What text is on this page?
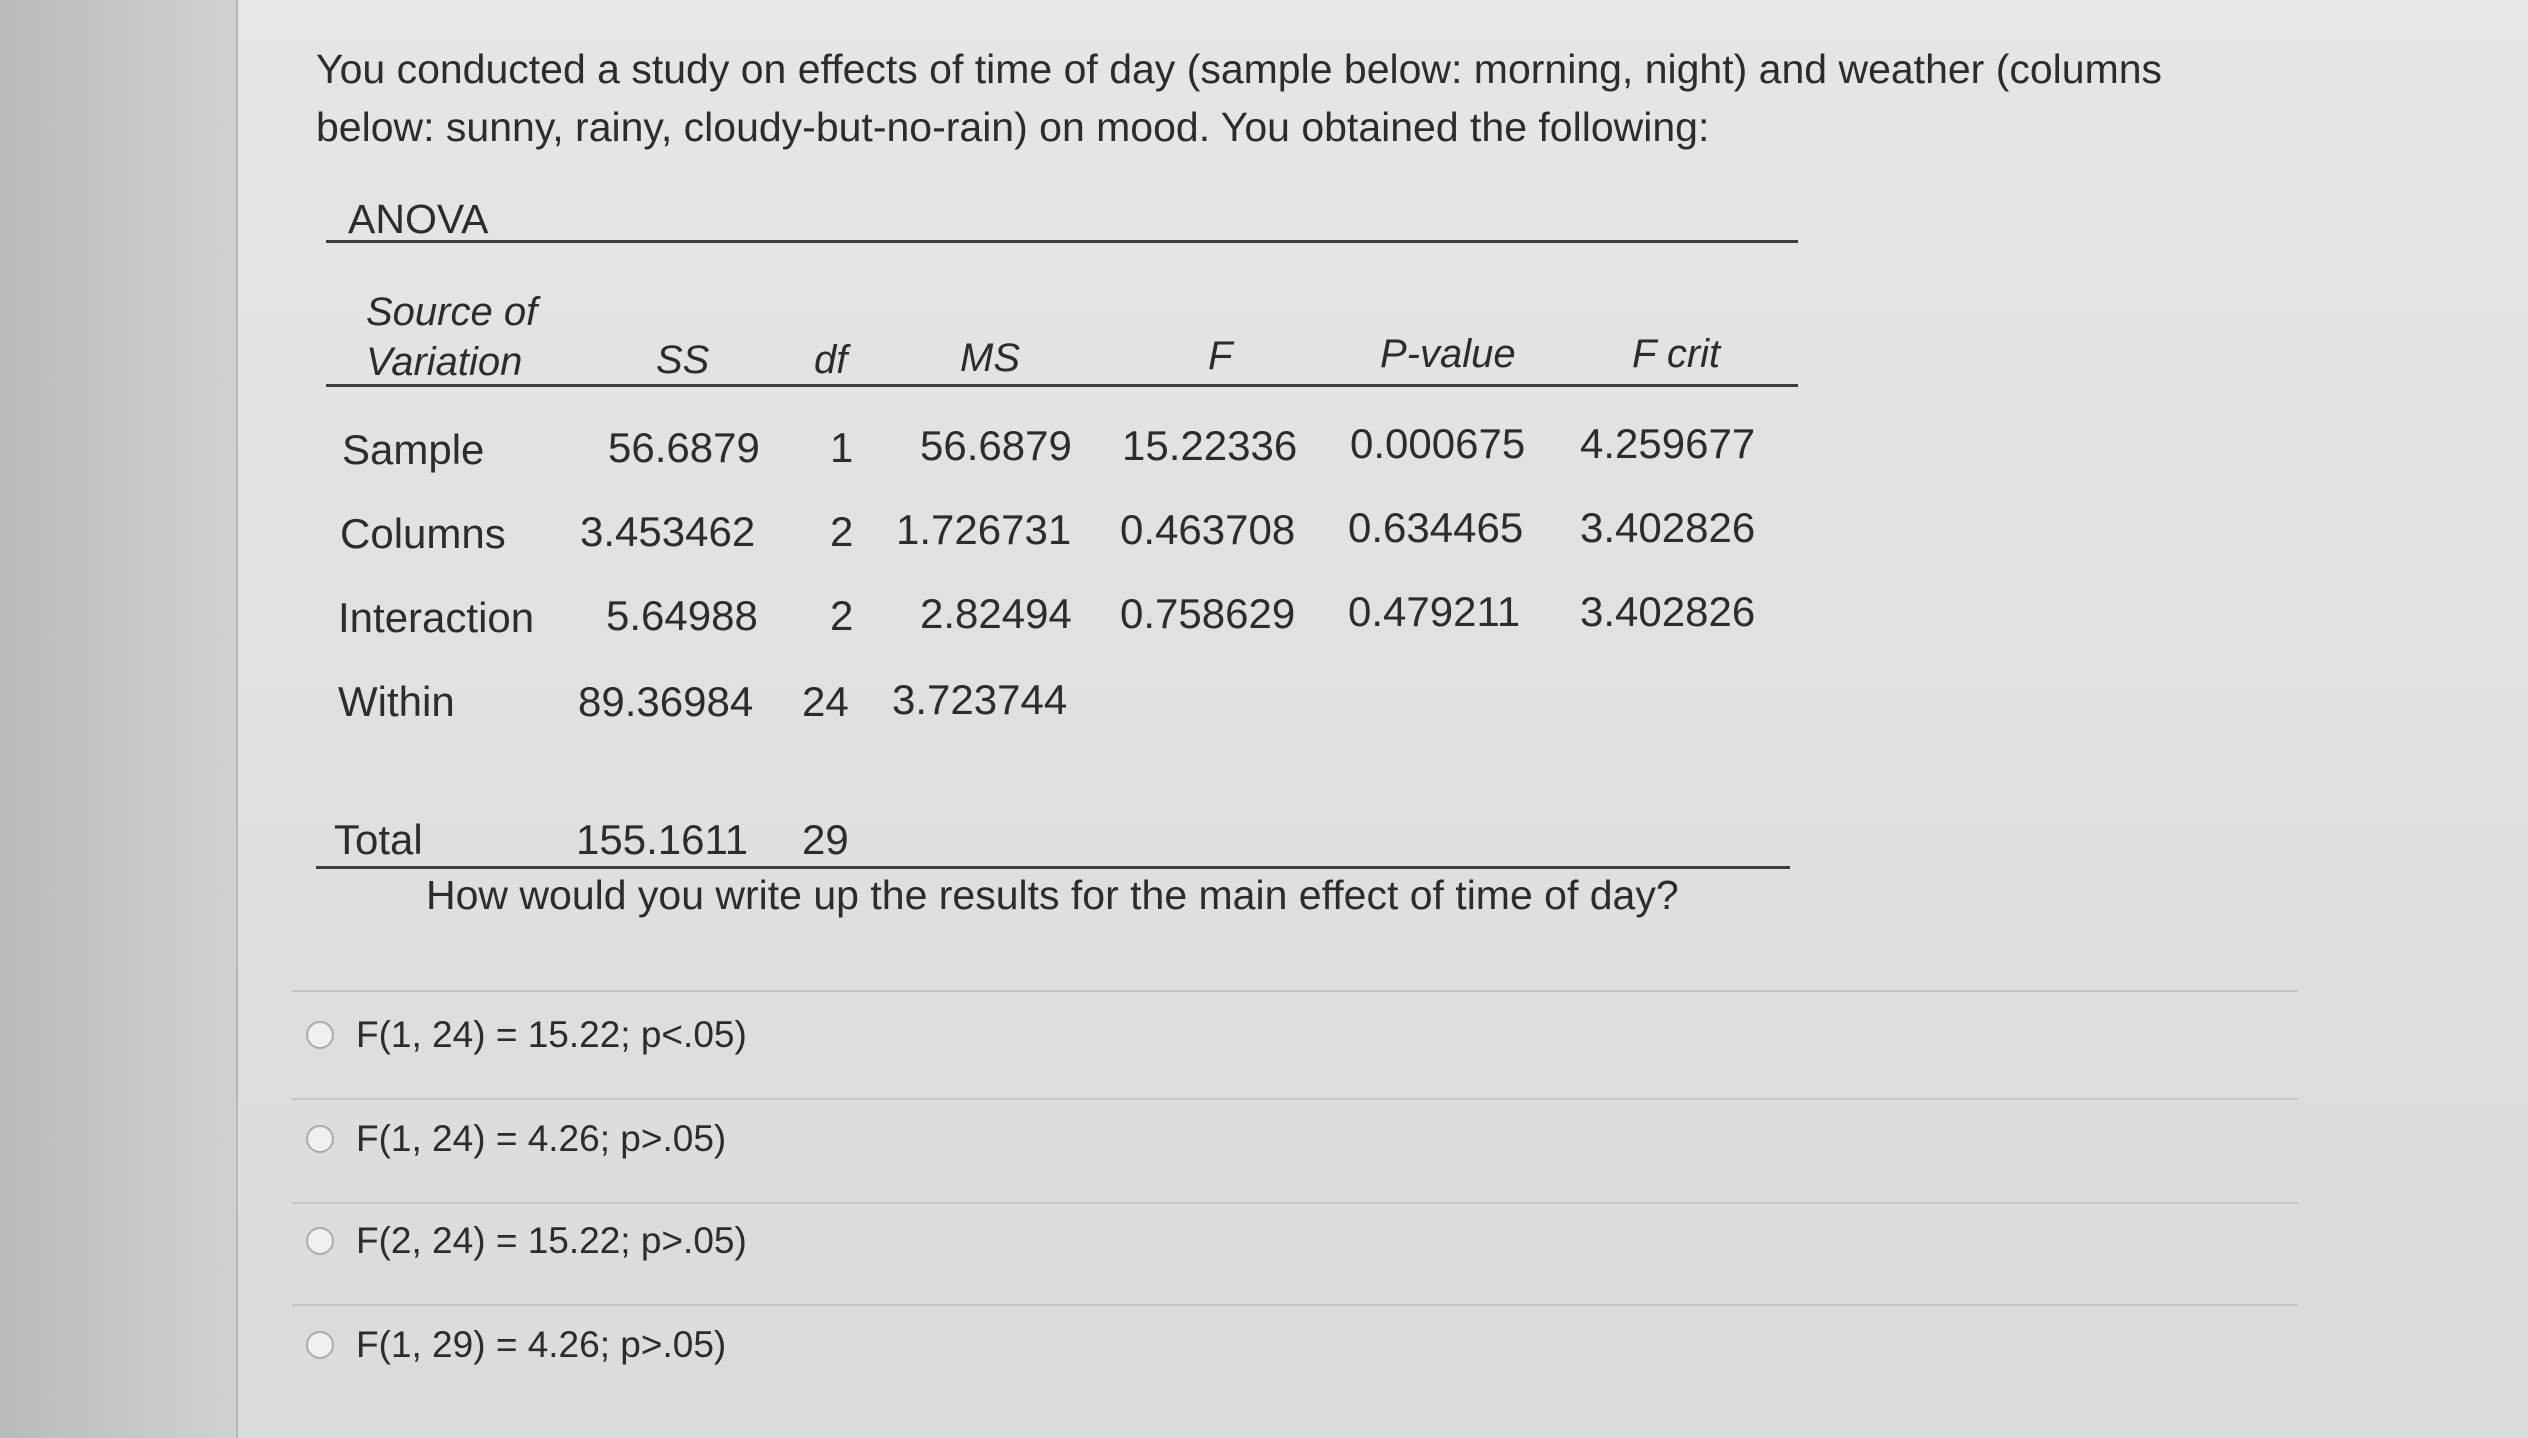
You conducted a study on effects of time of day (sample below: morning, night) and weather (columns
below: sunny, rainy, cloudy-but-no-rain) on mood. You obtained the following:
ANOVA
Source of
Variation	SS	df	MS	F	P-value	F crit
Sample	56.6879 1 56.6879 15.22336 0.000675 4.259677
Columns 3.453462 2 1.726731 0.463708 0.634465 3.402826
Interaction 5.64988 2 2.82494 0.758629 0.479211 3.402826
Within	89.36984 24 3.723744
Total	155.1611 29
How would you write up the results for the main effect of time of day?
F(1, 24) = 15.22; p<.05)
F(1, 24) = 4.26; p>.05)
F(2, 24) = 15.22; p>.05)
F(1, 29) = 4.26; p>.05)
